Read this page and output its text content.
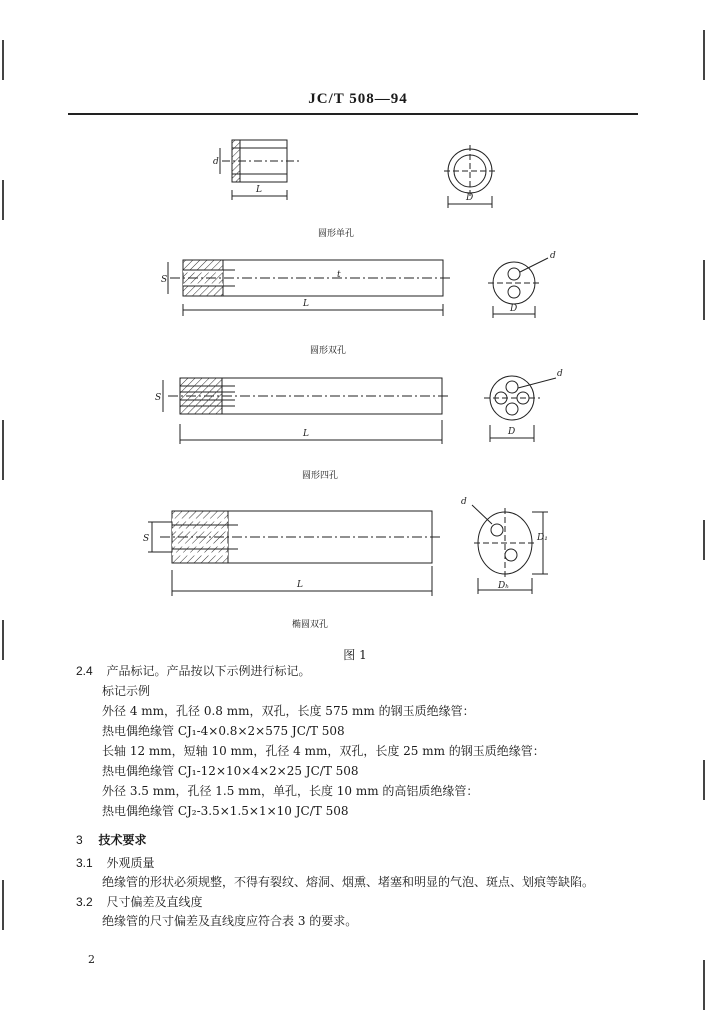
JC/T 508—94
d
L
D
S	t
L
d
D
S
L
d
D
S
L
d
D₁
Dₕ
圆形单孔
圆形双孔
圆形四孔
椭圆双孔
图 1
2.4 产品标记。产品按以下示例进行标记。
标记示例
外径 4 mm，孔径 0.8 mm，双孔，长度 575 mm 的钢玉质绝缘管：
热电偶绝缘管 CJ₁-4×0.8×2×575 JC/T 508
长轴 12 mm，短轴 10 mm，孔径 4 mm，双孔，长度 25 mm 的钢玉质绝缘管：
热电偶绝缘管 CJ₁-12×10×4×2×25 JC/T 508
外径 3.5 mm，孔径 1.5 mm，单孔，长度 10 mm 的高铝质绝缘管：
热电偶绝缘管 CJ₂-3.5×1.5×1×10 JC/T 508
3 技术要求
3.1 外观质量
绝缘管的形状必须规整，不得有裂纹、熔洞、烟熏、堵塞和明显的气泡、斑点、划痕等缺陷。
3.2 尺寸偏差及直线度
绝缘管的尺寸偏差及直线度应符合表 3 的要求。
2
